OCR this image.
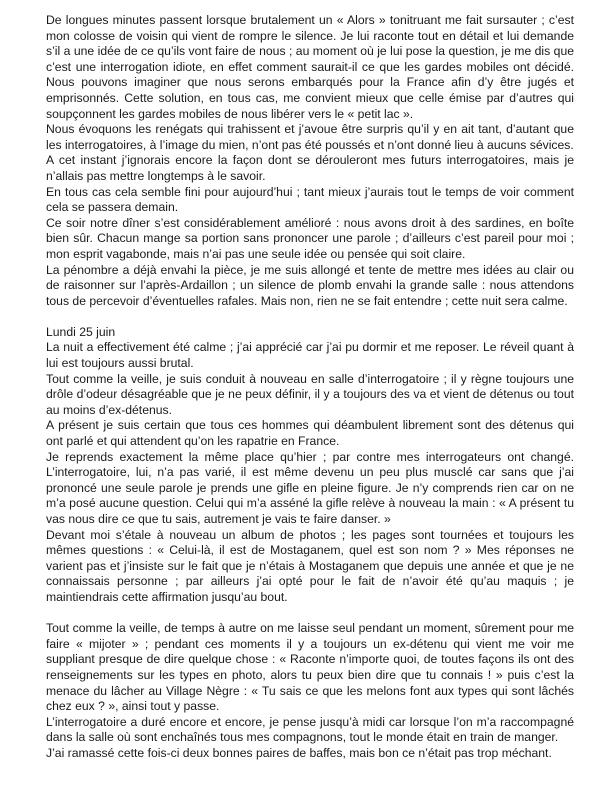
De longues minutes passent lorsque brutalement un « Alors » tonitruant me fait sursauter ; c’est mon colosse de voisin qui vient de rompre le silence. Je lui raconte tout en détail et lui demande s’il a une idée de ce qu’ils vont faire de nous ; au moment où je lui pose la question, je me dis que c’est une interrogation idiote, en effet comment saurait-il ce que les gardes mobiles ont décidé. Nous pouvons imaginer que nous serons embarqués pour la France afin d’y être jugés et emprisonnés. Cette solution, en tous cas, me convient mieux que celle émise par d’autres qui soupçonnent les gardes mobiles de nous libérer vers le « petit lac ».

Nous évoquons les renégats qui trahissent et j’avoue être surpris qu’il y en ait tant, d’autant que les interrogatoires, à l’image du mien, n’ont pas été poussés et n’ont donné lieu à aucuns sévices.

A cet instant j’ignorais encore la façon dont se dérouleront mes futurs interrogatoires, mais je n’allais pas mettre longtemps à le savoir.

En tous cas cela semble fini pour aujourd’hui ; tant mieux j’aurais tout le temps de voir comment cela se passera demain.

Ce soir notre dîner s’est considérablement amélioré : nous avons droit à des sardines, en boîte bien sûr. Chacun mange sa portion sans prononcer une parole ; d’ailleurs c’est pareil pour moi ; mon esprit vagabonde, mais n’ai pas une seule idée ou pensée qui soit claire.

La pénombre a déjà envahi la pièce, je me suis allongé et tente de mettre mes idées au clair ou de raisonner sur l’après-Ardaillon ; un silence de plomb envahi la grande salle : nous attendons tous de percevoir d’éventuelles rafales. Mais non, rien ne se fait entendre ; cette nuit sera calme.

Lundi 25 juin

La nuit a effectivement été calme ; j’ai apprécié car j’ai pu dormir et me reposer. Le réveil quant à lui est toujours aussi brutal.

Tout comme la veille, je suis conduit à nouveau en salle d’interrogatoire ; il y règne toujours une drôle d’odeur désagréable que je ne peux définir, il y a toujours des va et vient de détenus ou tout au moins d’ex-détenus.

A présent je suis certain que tous ces hommes qui déambulent librement sont des détenus qui ont parlé et qui attendent qu’on les rapatrie en France.

Je reprends exactement la même place qu’hier ; par contre mes interrogateurs ont changé. L’interrogatoire, lui, n’a pas varié, il est même devenu un peu plus musclé car sans que j’ai prononcé une seule parole je prends une gifle en pleine figure. Je n’y comprends rien car on ne m’a posé aucune question. Celui qui m’a asséné la gifle relève à nouveau la main : « A présent tu vas nous dire ce que tu sais, autrement je vais te faire danser. »

Devant moi s’étale à nouveau un album de photos ; les pages sont tournées et toujours les mêmes questions : « Celui-là, il est de Mostaganem, quel est son nom ? » Mes réponses ne varient pas et j’insiste sur le fait que je n’étais à Mostaganem que depuis une année et que je ne connaissais personne ; par ailleurs j’ai opté pour le fait de n’avoir été qu’au maquis ; je maintiendrais cette affirmation jusqu’au bout.

Tout comme la veille, de temps à autre on me laisse seul pendant un moment, sûrement pour me faire « mijoter » ; pendant ces moments il y a toujours un ex-détenu qui vient me voir me suppliant presque de dire quelque chose : « Raconte n’importe quoi, de toutes façons ils ont des renseignements sur les types en photo, alors tu peux bien dire que tu connais ! » puis c’est la menace du lâcher au Village Nègre : « Tu sais ce que les melons font aux types qui sont lâchés chez eux ? », ainsi tout y passe.

L’interrogatoire a duré encore et encore, je pense jusqu’à midi car lorsque l’on m’a raccompagné dans la salle où sont enchaînés tous mes compagnons, tout le monde était en train de manger.

J’ai ramassé cette fois-ci deux bonnes paires de baffes, mais bon ce n’était pas trop méchant.
